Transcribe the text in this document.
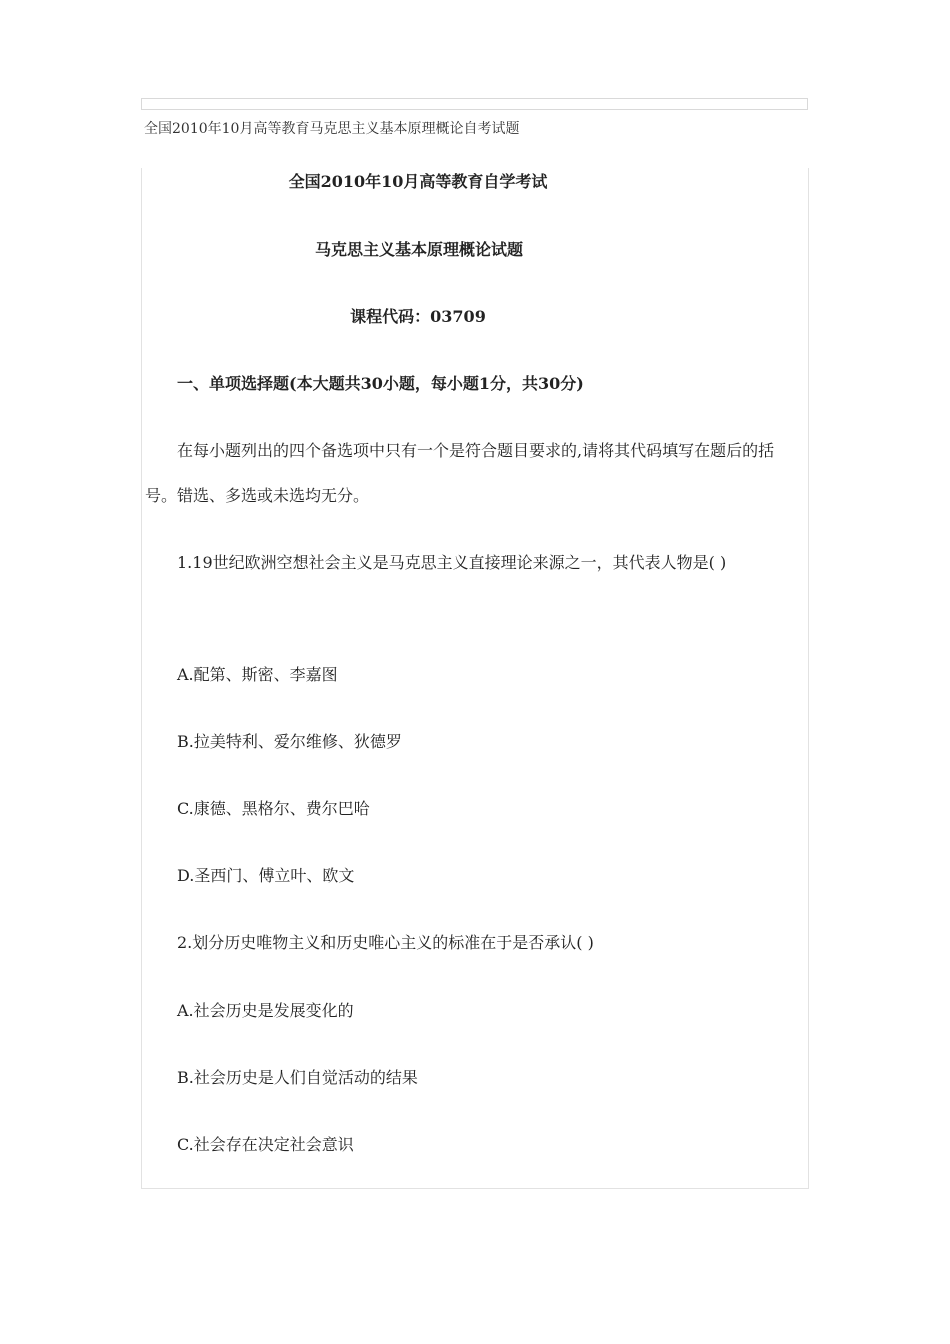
全国2010年10月高等教育马克思主义基本原理概论自考试题
全国2010年10月高等教育自学考试
马克思主义基本原理概论试题
课程代码：03709
一、单项选择题(本大题共30小题，每小题1分，共30分)
在每小题列出的四个备选项中只有一个是符合题目要求的,请将其代码填写在题后的括
号。错选、多选或未选均无分。
1.19世纪欧洲空想社会主义是马克思主义直接理论来源之一，其代表人物是( )
A.配第、斯密、李嘉图
B.拉美特利、爱尔维修、狄德罗
C.康德、黑格尔、费尔巴哈
D.圣西门、傅立叶、欧文
2.划分历史唯物主义和历史唯心主义的标准在于是否承认( )
A.社会历史是发展变化的
B.社会历史是人们自觉活动的结果
C.社会存在决定社会意识
